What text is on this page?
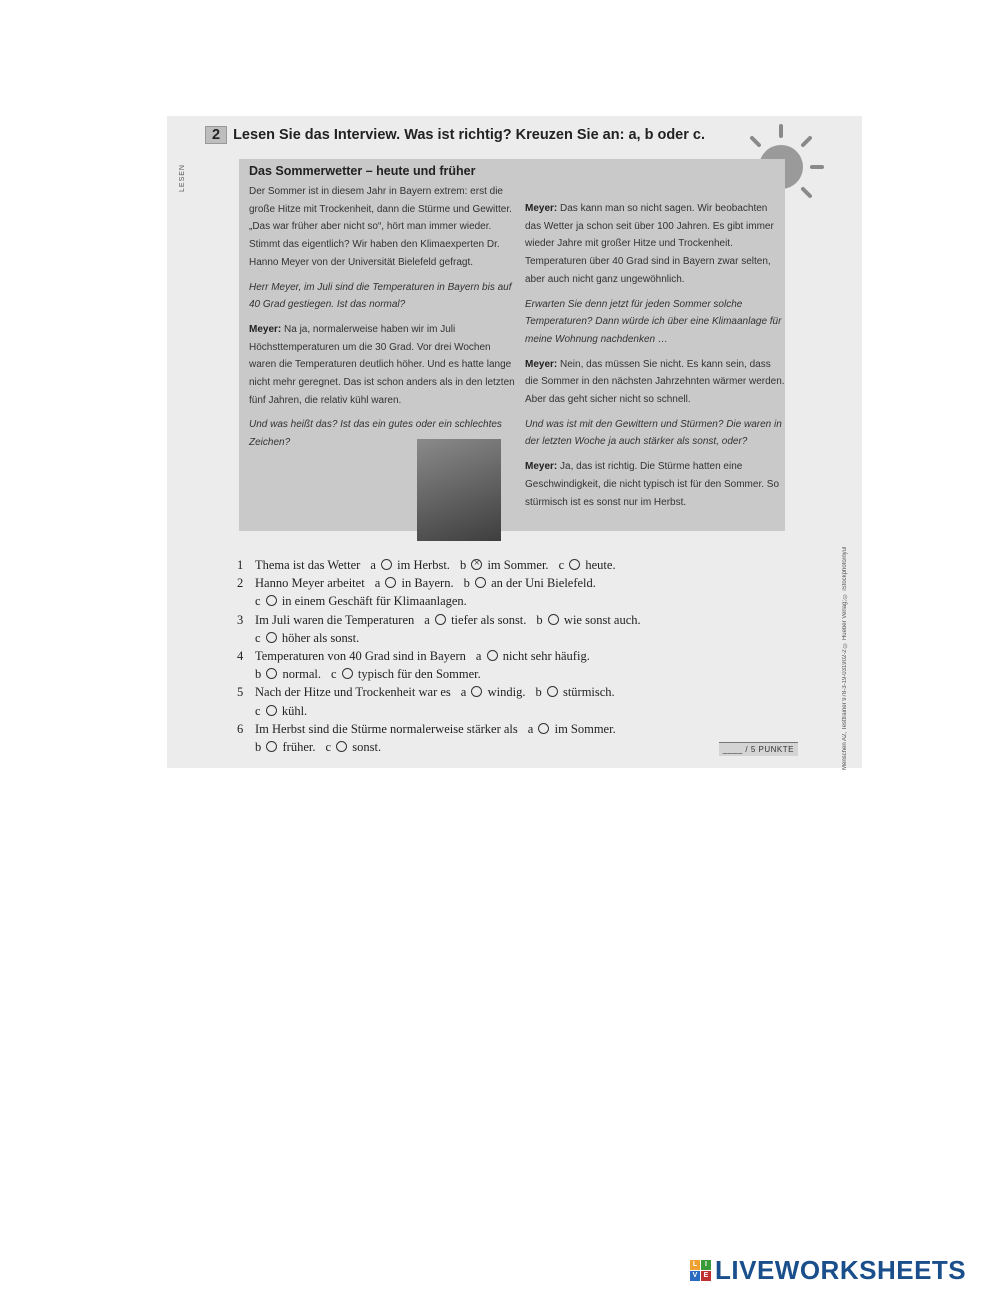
LESEN
2 Lesen Sie das Interview. Was ist richtig? Kreuzen Sie an: a, b oder c.
Das Sommerwetter – heute und früher

Der Sommer ist in diesem Jahr in Bayern extrem: erst die große Hitze mit Trockenheit, dann die Stürme und Gewitter. „Das war früher aber nicht so“, hört man immer wieder. Stimmt das eigentlich? Wir haben den Klimaexperten Dr. Hanno Meyer von der Universität Bielefeld gefragt.

Herr Meyer, im Juli sind die Temperaturen in Bayern bis auf 40 Grad gestiegen. Ist das normal?

Meyer: Na ja, normalerweise haben wir im Juli Höchsttemperaturen um die 30 Grad. Vor drei Wochen waren die Temperaturen deutlich höher. Und es hatte lange nicht mehr geregnet. Das ist schon anders als in den letzten fünf Jahren, die relativ kühl waren.

Und was heißt das? Ist das ein gutes oder ein schlechtes Zeichen?

Meyer: Das kann man so nicht sagen. Wir beobachten das Wetter ja schon seit über 100 Jahren. Es gibt immer wieder Jahre mit großer Hitze und Trockenheit. Temperaturen über 40 Grad sind in Bayern zwar selten, aber auch nicht ganz ungewöhnlich.

Erwarten Sie denn jetzt für jeden Sommer solche Temperaturen? Dann würde ich über eine Klimaanlage für meine Wohnung nachdenken …

Meyer: Nein, das müssen Sie nicht. Es kann sein, dass die Sommer in den nächsten Jahrzehnten wärmer werden. Aber das geht sicher nicht so schnell.

Und was ist mit den Gewittern und Stürmen? Die waren in der letzten Woche ja auch stärker als sonst, oder?

Meyer: Ja, das ist richtig. Die Stürme hatten eine Geschwindigkeit, die nicht typisch ist für den Sommer. So stürmisch ist es sonst nur im Herbst.

1 Thema ist das Wetter a im Herbst. b × im Sommer. c heute.
2 Hanno Meyer arbeitet a in Bayern. b an der Uni Bielefeld.
c in einem Geschäft für Klimaanlagen.
3 Im Juli waren die Temperaturen a tiefer als sonst. b wie sonst auch.
c höher als sonst.
4 Temperaturen von 40 Grad sind in Bayern a nicht sehr häufig.
b normal. c typisch für den Sommer.
5 Nach der Hitze und Trockenheit war es a windig. b stürmisch.
c kühl.
6 Im Herbst sind die Stürme normalerweise stärker als a im Sommer.
b früher. c sonst.	____ / 5 PUNKTE	Menschen A2, Testtrainer 978-3-19-031902-2 © Hueber Verlag; © iStockphoto/nyul
L	I
V E LIVEWORKSHEETS
